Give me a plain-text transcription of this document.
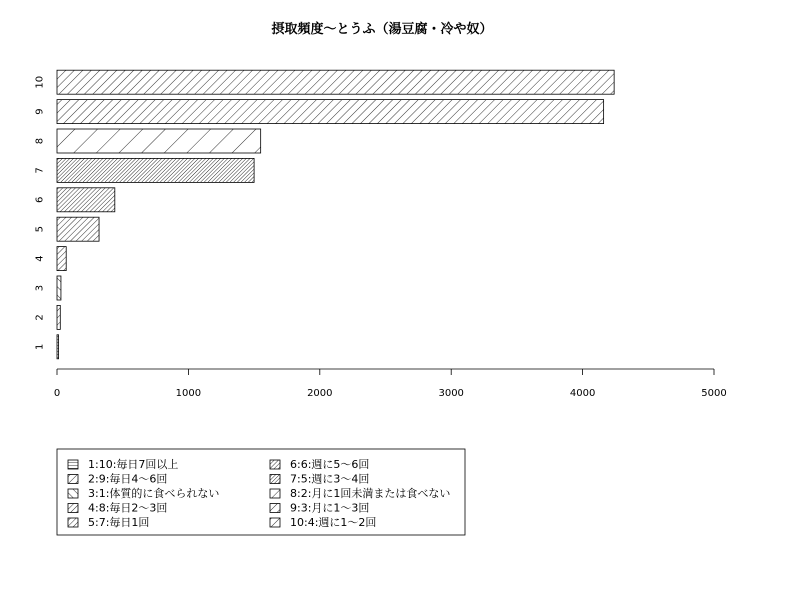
摂取頻度〜とうふ（湯豆腐・冷や奴）
1
2
3
4
5
6
7
8
9
10
0	1000	2000	3000	4000	5000
1:10:毎日7回以上
2:9:毎日4〜6回
3:1:体質的に食べられない
4:8:毎日2〜3回
5:7:毎日1回
6:6:週に5〜6回
7:5:週に3〜4回
8:2:月に1回未満または食べない
9:3:月に1〜3回
10:4:週に1〜2回
